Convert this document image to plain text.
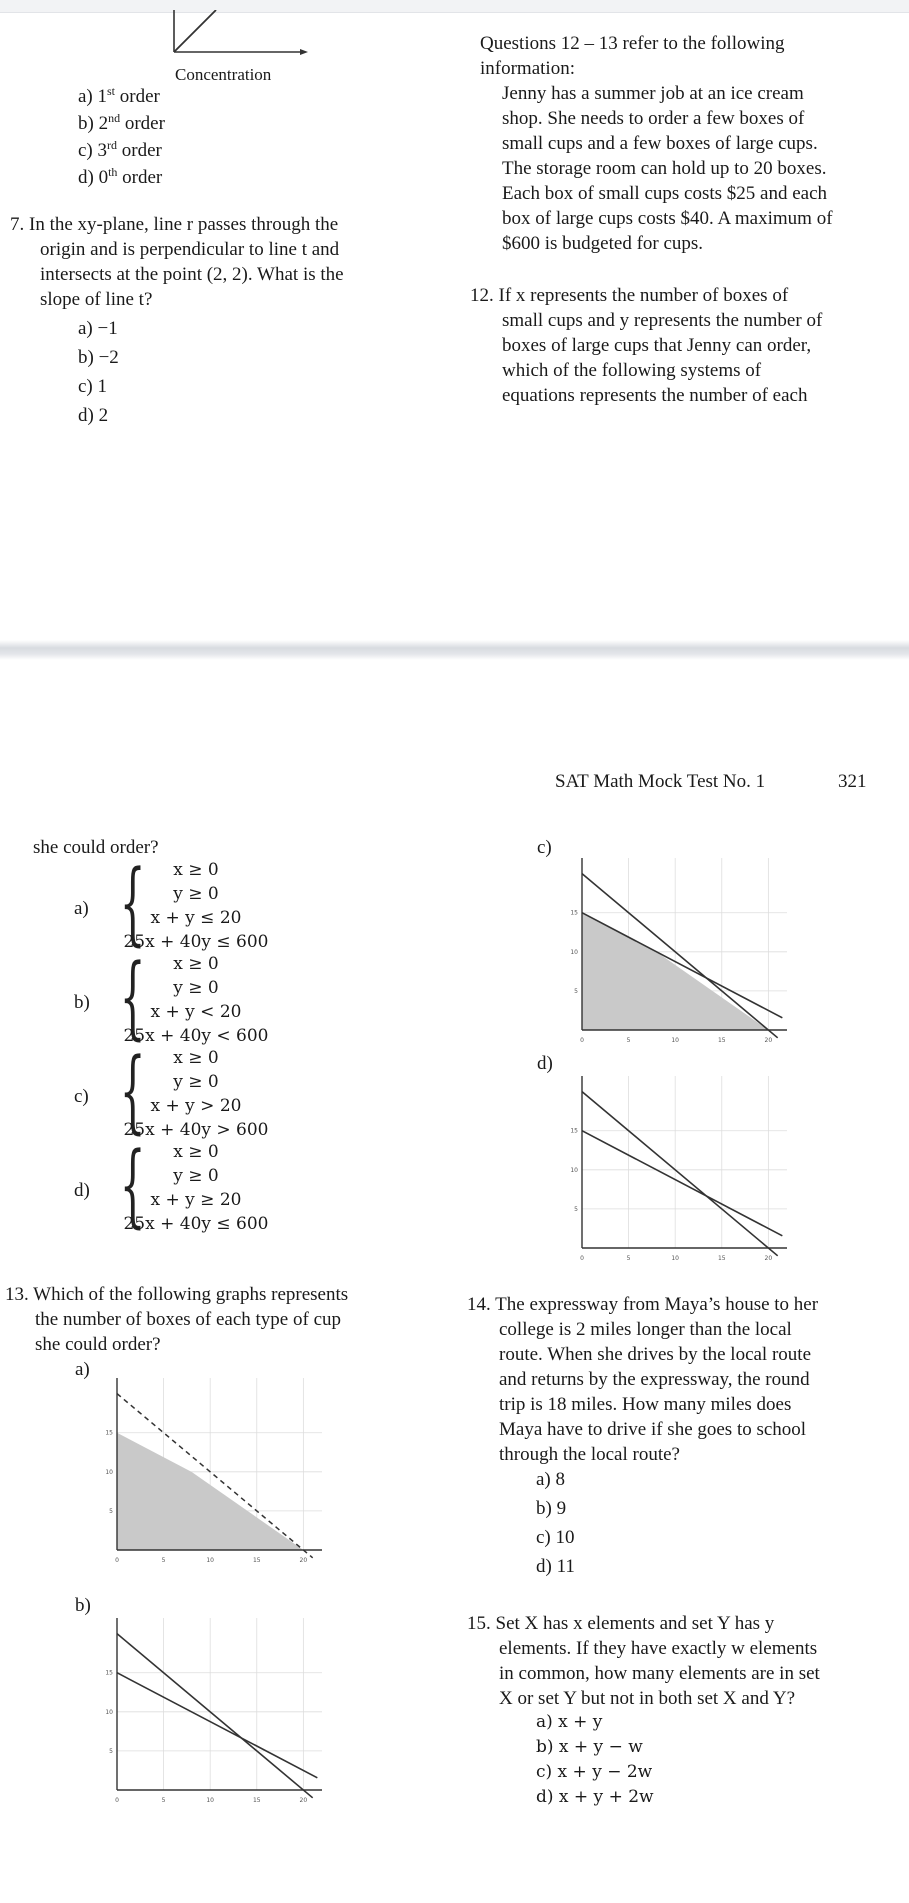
Concentration
a) 1st order
b) 2nd order
c) 3rd order
d) 0th order
7. In the xy-plane, line r passes through the
origin and is perpendicular to line t and
intersects at the point (2, 2). What is the
slope of line t?
a) −1
b) −2
c) 1
d) 2
Questions 12 – 13 refer to the following
information:
Jenny has a summer job at an ice cream
shop. She needs to order a few boxes of
small cups and a few boxes of large cups.
The storage room can hold up to 20 boxes.
Each box of small cups costs $25 and each
box of large cups costs $40. A maximum of
$600 is budgeted for cups.
12. If x represents the number of boxes of
small cups and y represents the number of
boxes of large cups that Jenny can order,
which of the following systems of
equations represents the number of each
SAT Math Mock Test No. 1	321
she could order?
a) {	x ≥ 0
y ≥ 0
x + y ≤ 20
25x + 40y ≤ 600
b) {	x ≥ 0
y ≥ 0
x + y < 20
25x + 40y < 600
c) {	x ≥ 0
y ≥ 0
x + y > 20
25x + 40y > 600
d) {	x ≥ 0
y ≥ 0
x + y ≥ 20
25x + 40y ≤ 600
c)
d)
13. Which of the following graphs represents
the number of boxes of each type of cup
she could order?
a)
b)
0	5	10	15	20
5
10
15
0	5	10	15	20
5
10
15
0	5	10	15	20
5
10
15
0	5	10	15	20
5
10
15
14. The expressway from Maya’s house to her
college is 2 miles longer than the local
route. When she drives by the local route
and returns by the expressway, the round
trip is 18 miles. How many miles does
Maya have to drive if she goes to school
through the local route?
a) 8
b) 9
c) 10
d) 11
15. Set X has x elements and set Y has y
elements. If they have exactly w elements
in common, how many elements are in set
X or set Y but not in both set X and Y?
a) x + y
b) x + y − w
c) x + y − 2w
d) x + y + 2w
